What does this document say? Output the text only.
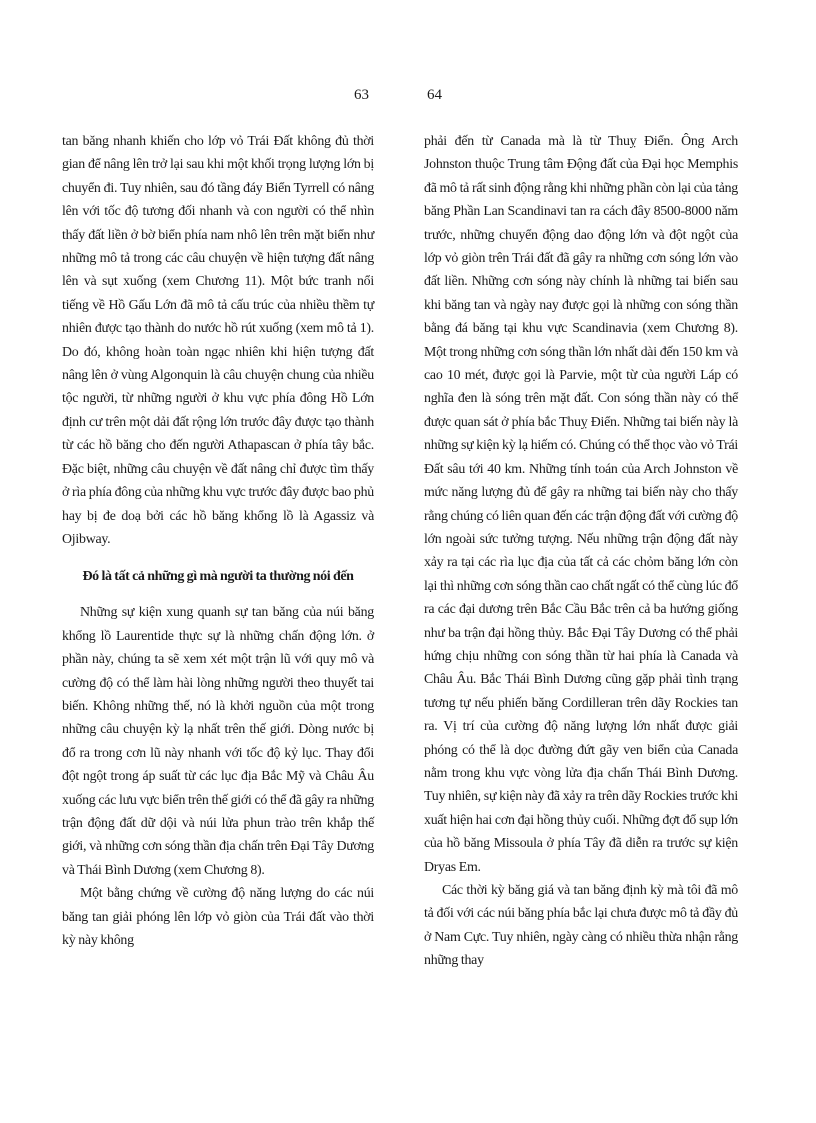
63	64

tan băng nhanh khiến cho lớp vỏ Trái Đất không đủ thời gian để nâng lên trở lại sau khi một khối trọng lượng lớn bị chuyển đi. Tuy nhiên, sau đó tầng đáy Biển Tyrrell có nâng lên với tốc độ tương đối nhanh và con người có thể nhìn thấy đất liền ở bờ biển phía nam nhô lên trên mặt biển như những mô tả trong các câu chuyện về hiện tượng đất nâng lên và sụt xuống (xem Chương 11). Một bức tranh nổi tiếng về Hồ Gấu Lớn đã mô tả cấu trúc của nhiều thềm tự nhiên được tạo thành do nước hồ rút xuống (xem mô tả 1). Do đó, không hoàn toàn ngạc nhiên khi hiện tượng đất nâng lên ở vùng Algonquin là câu chuyện chung của nhiều tộc người, từ những người ở khu vực phía đông Hồ Lớn định cư trên một dải đất rộng lớn trước đây được tạo thành từ các hồ băng cho đến người Athapascan ở phía tây bắc. Đặc biệt, những câu chuyện về đất nâng chỉ được tìm thấy ở rìa phía đông của những khu vực trước đây được bao phủ hay bị đe doạ bởi các hồ băng khổng lồ là Agassiz và Ojibway.

Đó là tất cả những gì mà người ta thường nói đến

Những sự kiện xung quanh sự tan băng của núi băng khổng lồ Laurentide thực sự là những chấn động lớn. ở phần này, chúng ta sẽ xem xét một trận lũ với quy mô và cường độ có thể làm hài lòng những người theo thuyết tai biến. Không những thế, nó là khởi nguồn của một trong những câu chuyện kỳ lạ nhất trên thế giới. Dòng nước bị đổ ra trong cơn lũ này nhanh với tốc độ kỷ lục. Thay đổi đột ngột trong áp suất từ các lục địa Bắc Mỹ và Châu Âu xuống các lưu vực biển trên thế giới có thể đã gây ra những trận động đất dữ dội và núi lửa phun trào trên khắp thế giới, và những cơn sóng thần địa chấn trên Đại Tây Dương và Thái Bình Dương (xem Chương 8).

Một bằng chứng về cường độ năng lượng do các núi băng tan giải phóng lên lớp vỏ giòn của Trái đất vào thời kỳ này không

phải đến từ Canada mà là từ Thuỵ Điển. Ông Arch Johnston thuộc Trung tâm Động đất của Đại học Memphis đã mô tả rất sinh động rằng khi những phần còn lại của tảng băng Phần Lan Scandinavi tan ra cách đây 8500-8000 năm trước, những chuyển động dao động lớn và đột ngột của lớp vỏ giòn trên Trái đất đã gây ra những cơn sóng lớn vào đất liền. Những cơn sóng này chính là những tai biến sau khi băng tan và ngày nay được gọi là những con sóng thần bằng đá băng tại khu vực Scandinavia (xem Chương 8). Một trong những cơn sóng thần lớn nhất dài đến 150 km và cao 10 mét, được gọi là Parvie, một từ của người Láp có nghĩa đen là sóng trên mặt đất. Con sóng thần này có thể được quan sát ở phía bắc Thuỵ Điển. Những tai biến này là những sự kiện kỳ lạ hiếm có. Chúng có thể thọc vào vỏ Trái Đất sâu tới 40 km. Những tính toán của Arch Johnston về mức năng lượng đủ để gây ra những tai biến này cho thấy rằng chúng có liên quan đến các trận động đất với cường độ lớn ngoài sức tưởng tượng. Nếu những trận động đất này xảy ra tại các rìa lục địa của tất cả các chỏm băng lớn còn lại thì những cơn sóng thần cao chất ngất có thể cùng lúc đổ ra các đại dương trên Bắc Cầu Bắc trên cả ba hướng giống như ba trận đại hồng thủy. Bắc Đại Tây Dương có thể phải hứng chịu những con sóng thần từ hai phía là Canada và Châu Âu. Bắc Thái Bình Dương cũng gặp phải tình trạng tương tự nếu phiến băng Cordilleran trên dãy Rockies tan ra. Vị trí của cường độ năng lượng lớn nhất được giải phóng có thể là dọc đường đứt gãy ven biển của Canada nằm trong khu vực vòng lửa địa chấn Thái Bình Dương. Tuy nhiên, sự kiện này đã xảy ra trên dãy Rockies trước khi xuất hiện hai cơn đại hồng thủy cuối. Những đợt đổ sụp lớn của hồ băng Missoula ở phía Tây đã diễn ra trước sự kiện Dryas Em.

Các thời kỳ băng giá và tan băng định kỳ mà tôi đã mô tả đối với các núi băng phía bắc lại chưa được mô tả đầy đủ ở Nam Cực. Tuy nhiên, ngày càng có nhiều thừa nhận rằng những thay
